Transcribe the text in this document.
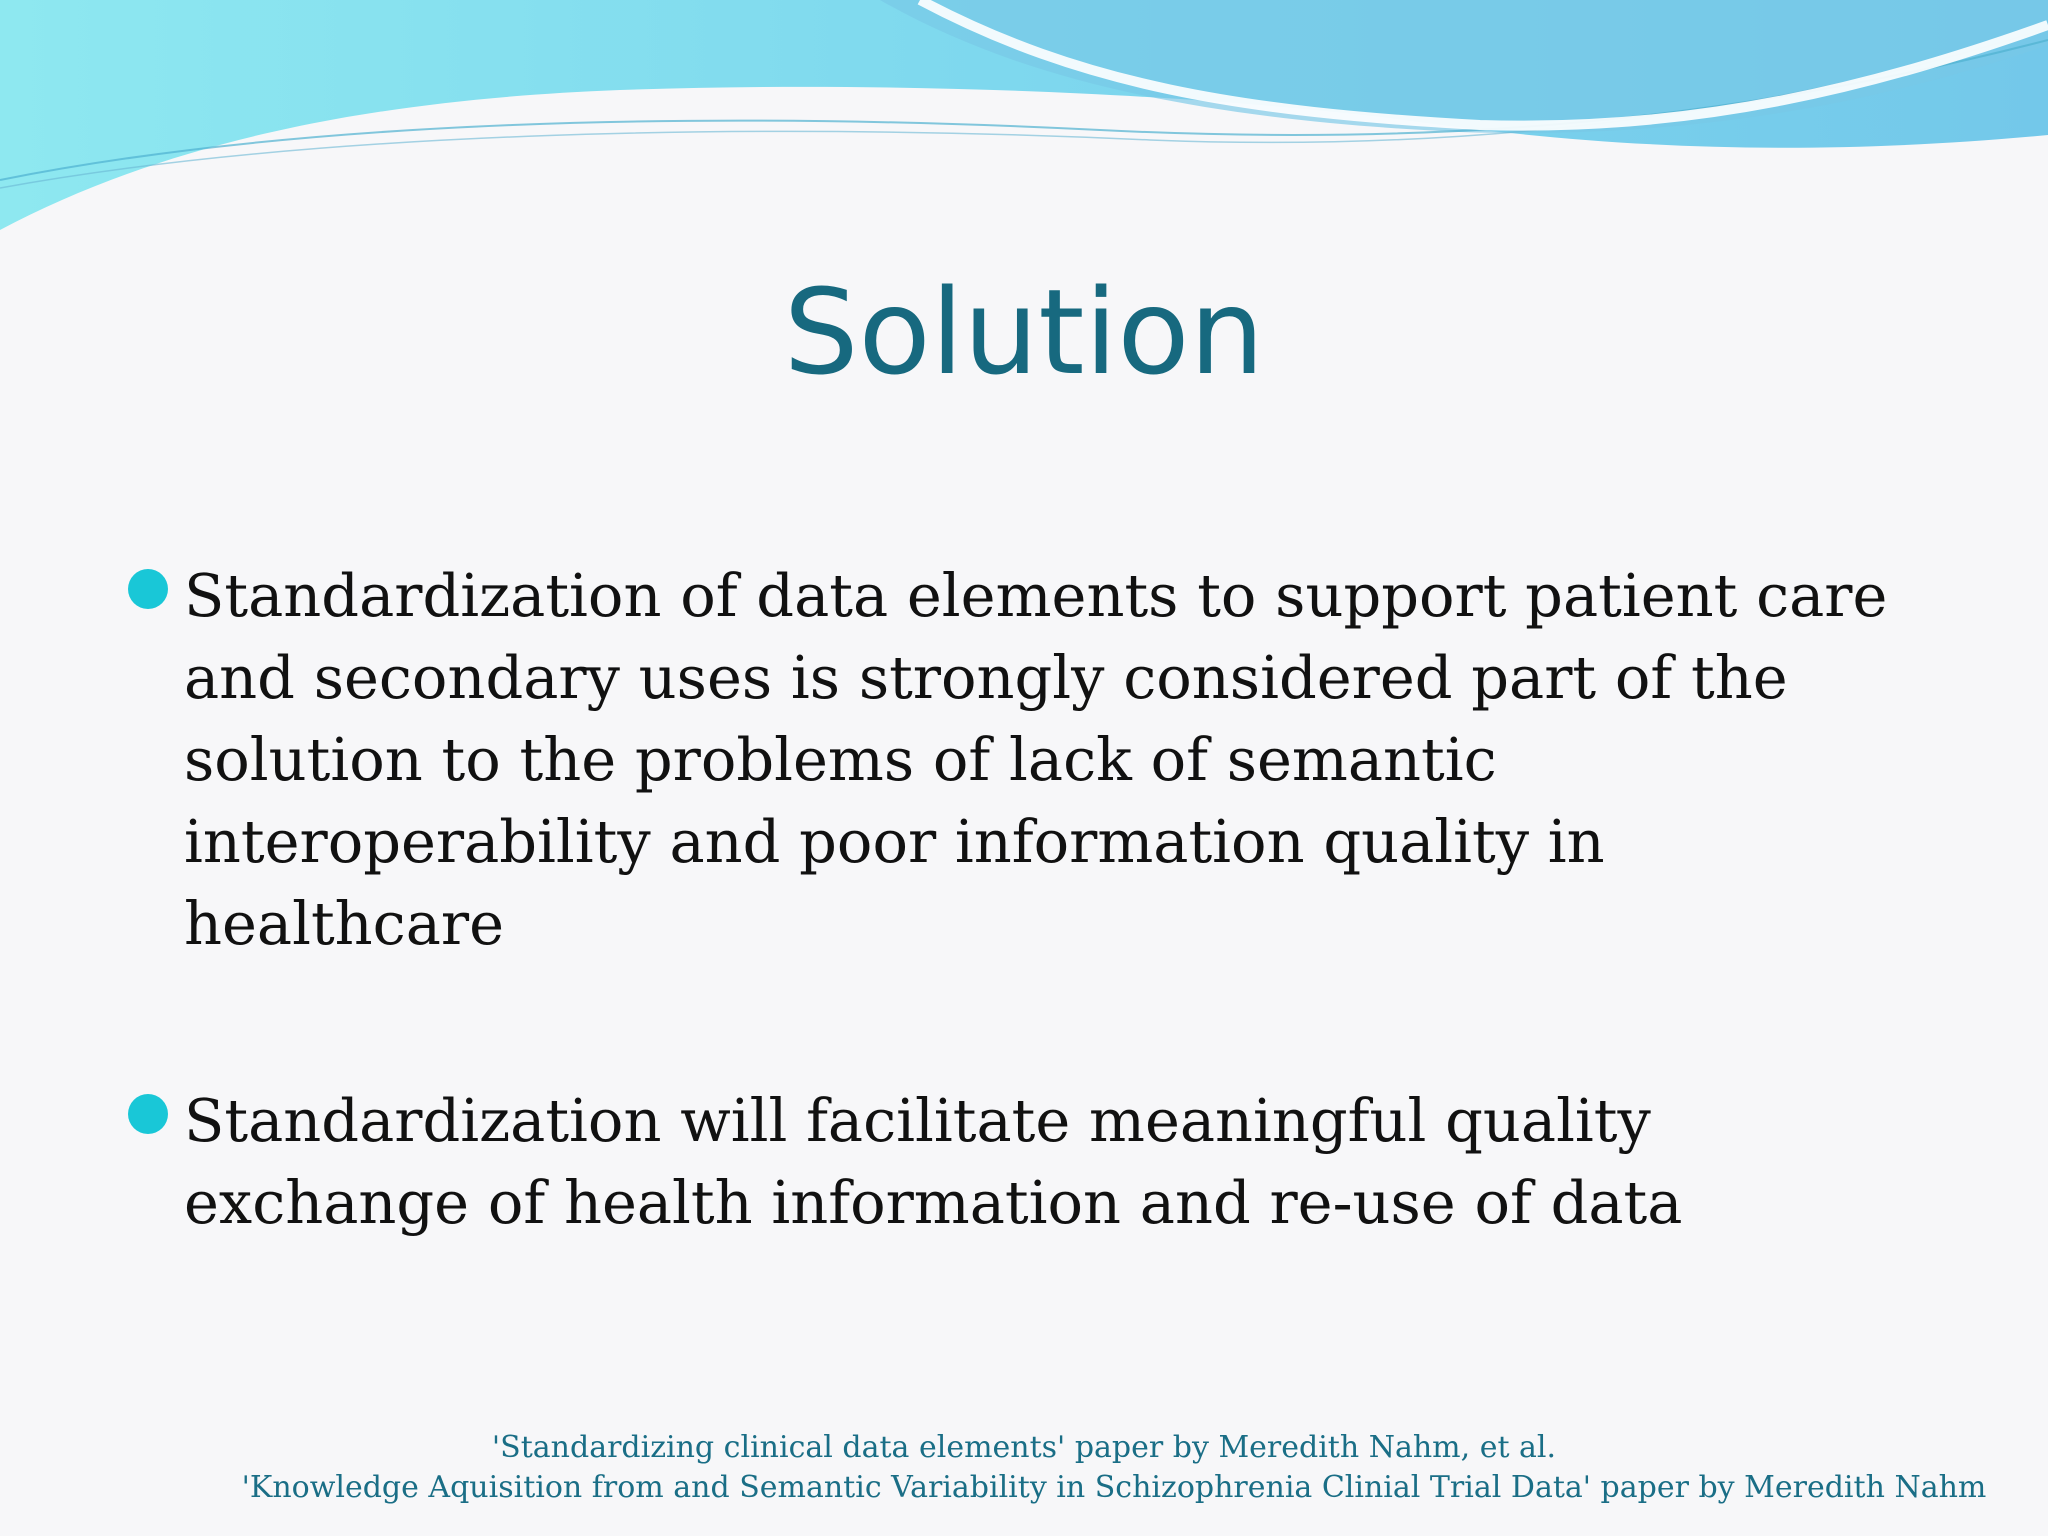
Solution
Standardization of data elements to support patient care and secondary uses is strongly considered part of the solution to the problems of lack of semantic interoperability and poor information quality in healthcare
Standardization will facilitate meaningful quality exchange of health information and re-use of data
'Standardizing clinical data elements' paper by Meredith Nahm, et al.
'Knowledge Aquisition from and Semantic Variability in Schizophrenia Clinial Trial Data' paper by Meredith Nahm
